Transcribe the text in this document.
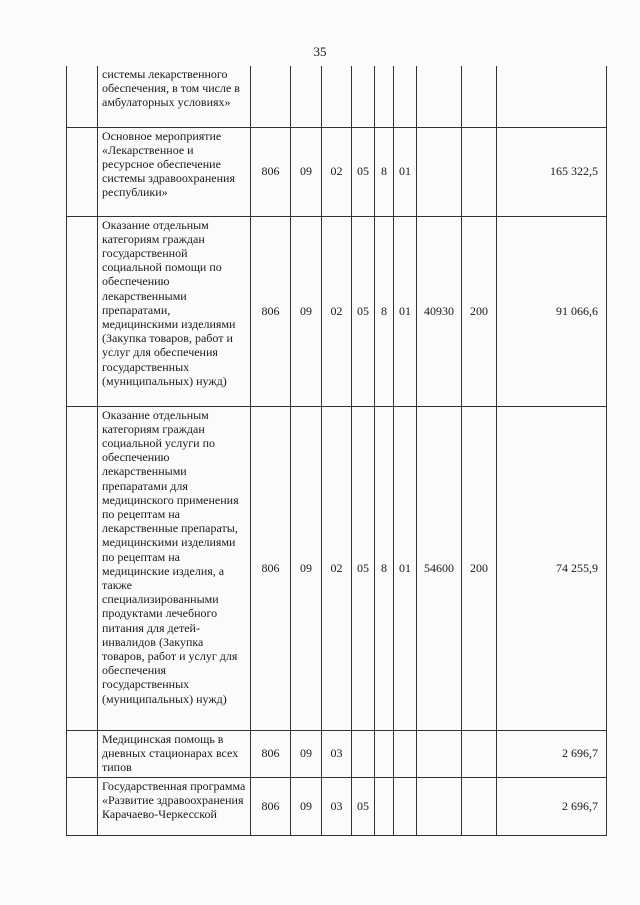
35
	системы лекарственного обеспечения, в том числе в амбулаторных условиях»									
	Основное мероприятие «Лекарственное и ресурсное обеспечение системы здравоохранения республики»	806	09	02	05	8	01			165 322,5
	Оказание отдельным категориям граждан государственной социальной помощи по обеспечению лекарственными препаратами, медицинскими изделиями (Закупка товаров, работ и услуг для обеспечения государственных (муниципальных) нужд)	806	09	02	05	8	01	40930	200	91 066,6
	Оказание отдельным категориям граждан социальной услуги по обеспечению лекарственными препаратами для медицинского применения по рецептам на лекарственные препараты, медицинскими изделиями по рецептам на медицинские изделия, а также специализированными продуктами лечебного питания для детей-инвалидов (Закупка товаров, работ и услуг для обеспечения государственных (муниципальных) нужд)	806	09	02	05	8	01	54600	200	74 255,9
	Медицинская помощь в дневных стационарах всех типов	806	09	03						2 696,7
	Государственная программа «Развитие здравоохранения Карачаево-Черкесской	806	09	03	05					2 696,7
